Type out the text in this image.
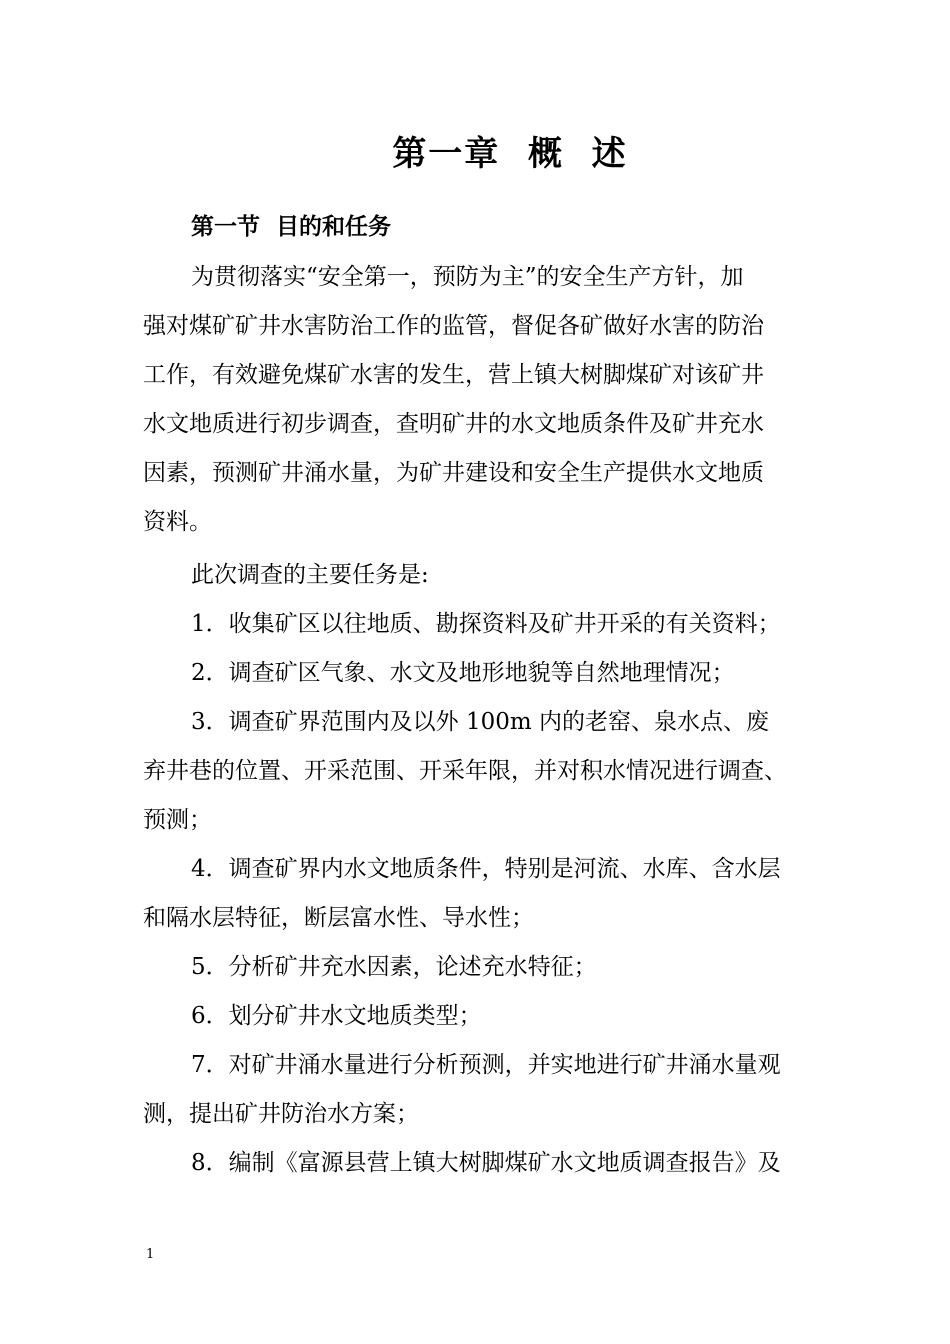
第一章  概  述
第一节  目的和任务
为贯彻落实“安全第一，预防为主”的安全生产方针，加
强对煤矿矿井水害防治工作的监管，督促各矿做好水害的防治
工作，有效避免煤矿水害的发生，营上镇大树脚煤矿对该矿井
水文地质进行初步调查，查明矿井的水文地质条件及矿井充水
因素，预测矿井涌水量，为矿井建设和安全生产提供水文地质
资料。
此次调查的主要任务是:
1．收集矿区以往地质、勘探资料及矿井开采的有关资料；
2．调查矿区气象、水文及地形地貌等自然地理情况；
3．调查矿界范围内及以外 100m 内的老窑、泉水点、废
弃井巷的位置、开采范围、开采年限，并对积水情况进行调查、
预测；
4．调查矿界内水文地质条件，特别是河流、水库、含水层
和隔水层特征，断层富水性、导水性；
5．分析矿井充水因素，论述充水特征；
6．划分矿井水文地质类型；
7．对矿井涌水量进行分析预测，并实地进行矿井涌水量观
测，提出矿井防治水方案；
8．编制《富源县营上镇大树脚煤矿水文地质调查报告》及
1
